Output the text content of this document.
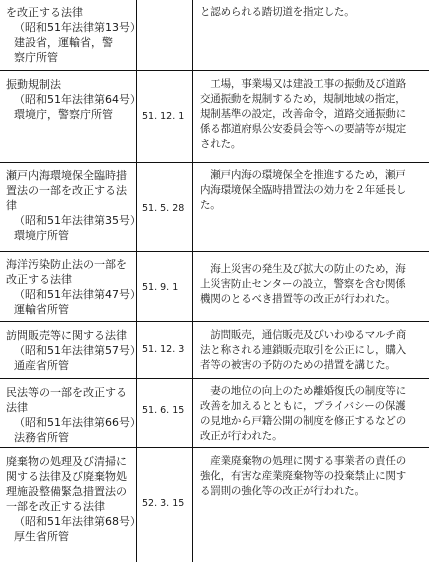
を改正する法律
（昭和51年法律第13号）
建設省，運輸省，警
察庁所管
と認められる踏切道を指定した。
振動規制法
（昭和51年法律第64号）
環境庁，警察庁所管	51. 12. 1
　工場，事業場又は建設工事の振動及び道路
交通振動を規制するため，規制地域の指定，
規制基準の設定，改善命令，道路交通振動に
係る都道府県公安委員会等への要請等が規定
された。
瀬戸内海環境保全臨時措
置法の一部を改正する法
律
（昭和51年法律第35号）
環境庁所管
51. 5. 28
　瀬戸内海の環境保全を推進するため，瀬戸
内海環境保全臨時措置法の効力を２年延長し
た。
海洋汚染防止法の一部を
改正する法律
（昭和51年法律第47号）
運輸省所管
51. 9. 1
　海上災害の発生及び拡大の防止のため，海
上災害防止センターの設立，警察を含む関係
機関のとるべき措置等の改正が行われた。
訪問販売等に関する法律
（昭和51年法律第57号）
通産省所管
51. 12. 3
　訪問販売，通信販売及びいわゆるマルチ商
法と称される連鎖販売取引を公正にし，購入
者等の被害の予防のための措置を講じた。
民法等の一部を改正する
法律
（昭和51年法律第66号）
法務省所管
51. 6. 15
　妻の地位の向上のため離婚復氏の制度等に
改善を加えるとともに，プライバシーの保護
の見地から戸籍公開の制度を修正するなどの
改正が行われた。
廃棄物の処理及び清掃に
関する法律及び廃棄物処
理施設整備緊急措置法の
一部を改正する法律
（昭和51年法律第68号）
厚生省所管
52. 3. 15
　産業廃棄物の処理に関する事業者の責任の
強化，有害な産業廃棄物等の投棄禁止に関す
る罰則の強化等の改正が行われた。
